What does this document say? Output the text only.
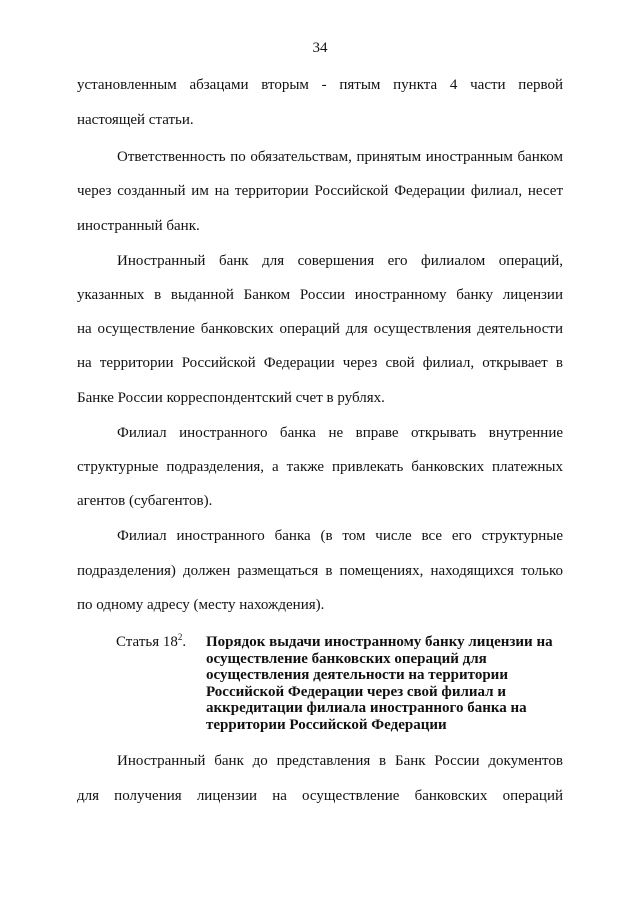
34
установленным абзацами вторым - пятым пункта 4 части первой
настоящей статьи.
Ответственность по обязательствам, принятым иностранным банком
через созданный им на территории Российской Федерации филиал, несет
иностранный банк.
Иностранный банк для совершения его филиалом операций,
указанных в выданной Банком России иностранному банку лицензии
на осуществление банковских операций для осуществления деятельности
на территории Российской Федерации через свой филиал, открывает в
Банке России корреспондентский счет в рублях.
Филиал иностранного банка не вправе открывать внутренние
структурные подразделения, а также привлекать банковских платежных
агентов (субагентов).
Филиал иностранного банка (в том числе все его структурные
подразделения) должен размещаться в помещениях, находящихся только
по одному адресу (месту нахождения).
Статья $18^2$. Порядок выдачи иностранному банку лицензии на
осуществление банковских операций для
осуществления деятельности на территории
Российской Федерации через свой филиал и
аккредитации филиала иностранного банка на
территории Российской Федерации
Иностранный банк до представления в Банк России документов
для получения лицензии на осуществление банковских операций
